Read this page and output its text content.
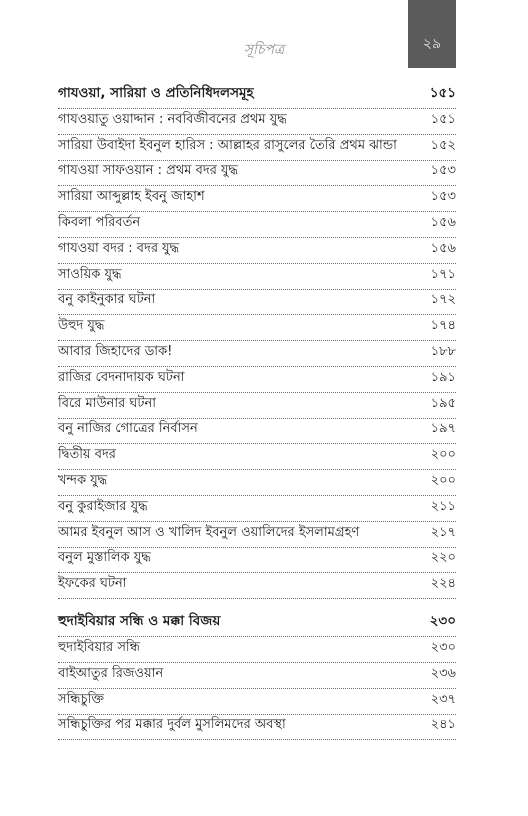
সূচিপত্র	২৯
গাযওয়া, সারিয়া ও প্রতিনিধিদলসমূহ	১৫১
গাযওয়াতু ওয়াদ্দান : নববিজীবনের প্রথম যুদ্ধ	১৫১
সারিয়া উবাইদা ইবনুল হারিস : আল্লাহর রাসুলের তৈরি প্রথম ঝান্ডা	১৫২
গাযওয়া সাফওয়ান : প্রথম বদর যুদ্ধ	১৫৩
সারিয়া আব্দুল্লাহ ইবনু জাহাশ	১৫৩
কিবলা পরিবর্তন	১৫৬
গাযওয়া বদর : বদর যুদ্ধ	১৫৬
সাওয়িক যুদ্ধ	১৭১
বনু কাইনুকার ঘটনা	১৭২
উহুদ যুদ্ধ	১৭৪
আবার জিহাদের ডাক!	১৮৮
রাজির বেদনাদায়ক ঘটনা	১৯১
বিরে মাউনার ঘটনা	১৯৫
বনু নাজির গোত্রের নির্বাসন	১৯৭
দ্বিতীয় বদর	২০০
খন্দক যুদ্ধ	২০০
বনু কুরাইজার যুদ্ধ	২১১
আমর ইবনুল আস ও খালিদ ইবনুল ওয়ালিদের ইসলামগ্রহণ	২১৭
বনুল মুস্তালিক যুদ্ধ	২২০
ইফকের ঘটনা	২২৪
হুদাইবিয়ার সন্ধি ও মক্কা বিজয়	২৩০
হুদাইবিয়ার সন্ধি	২৩০
বাইআতুর রিজওয়ান	২৩৬
সন্ধিচুক্তি	২৩৭
সন্ধিচুক্তির পর মক্কার দুর্বল মুসলিমদের অবস্থা	২৪১
